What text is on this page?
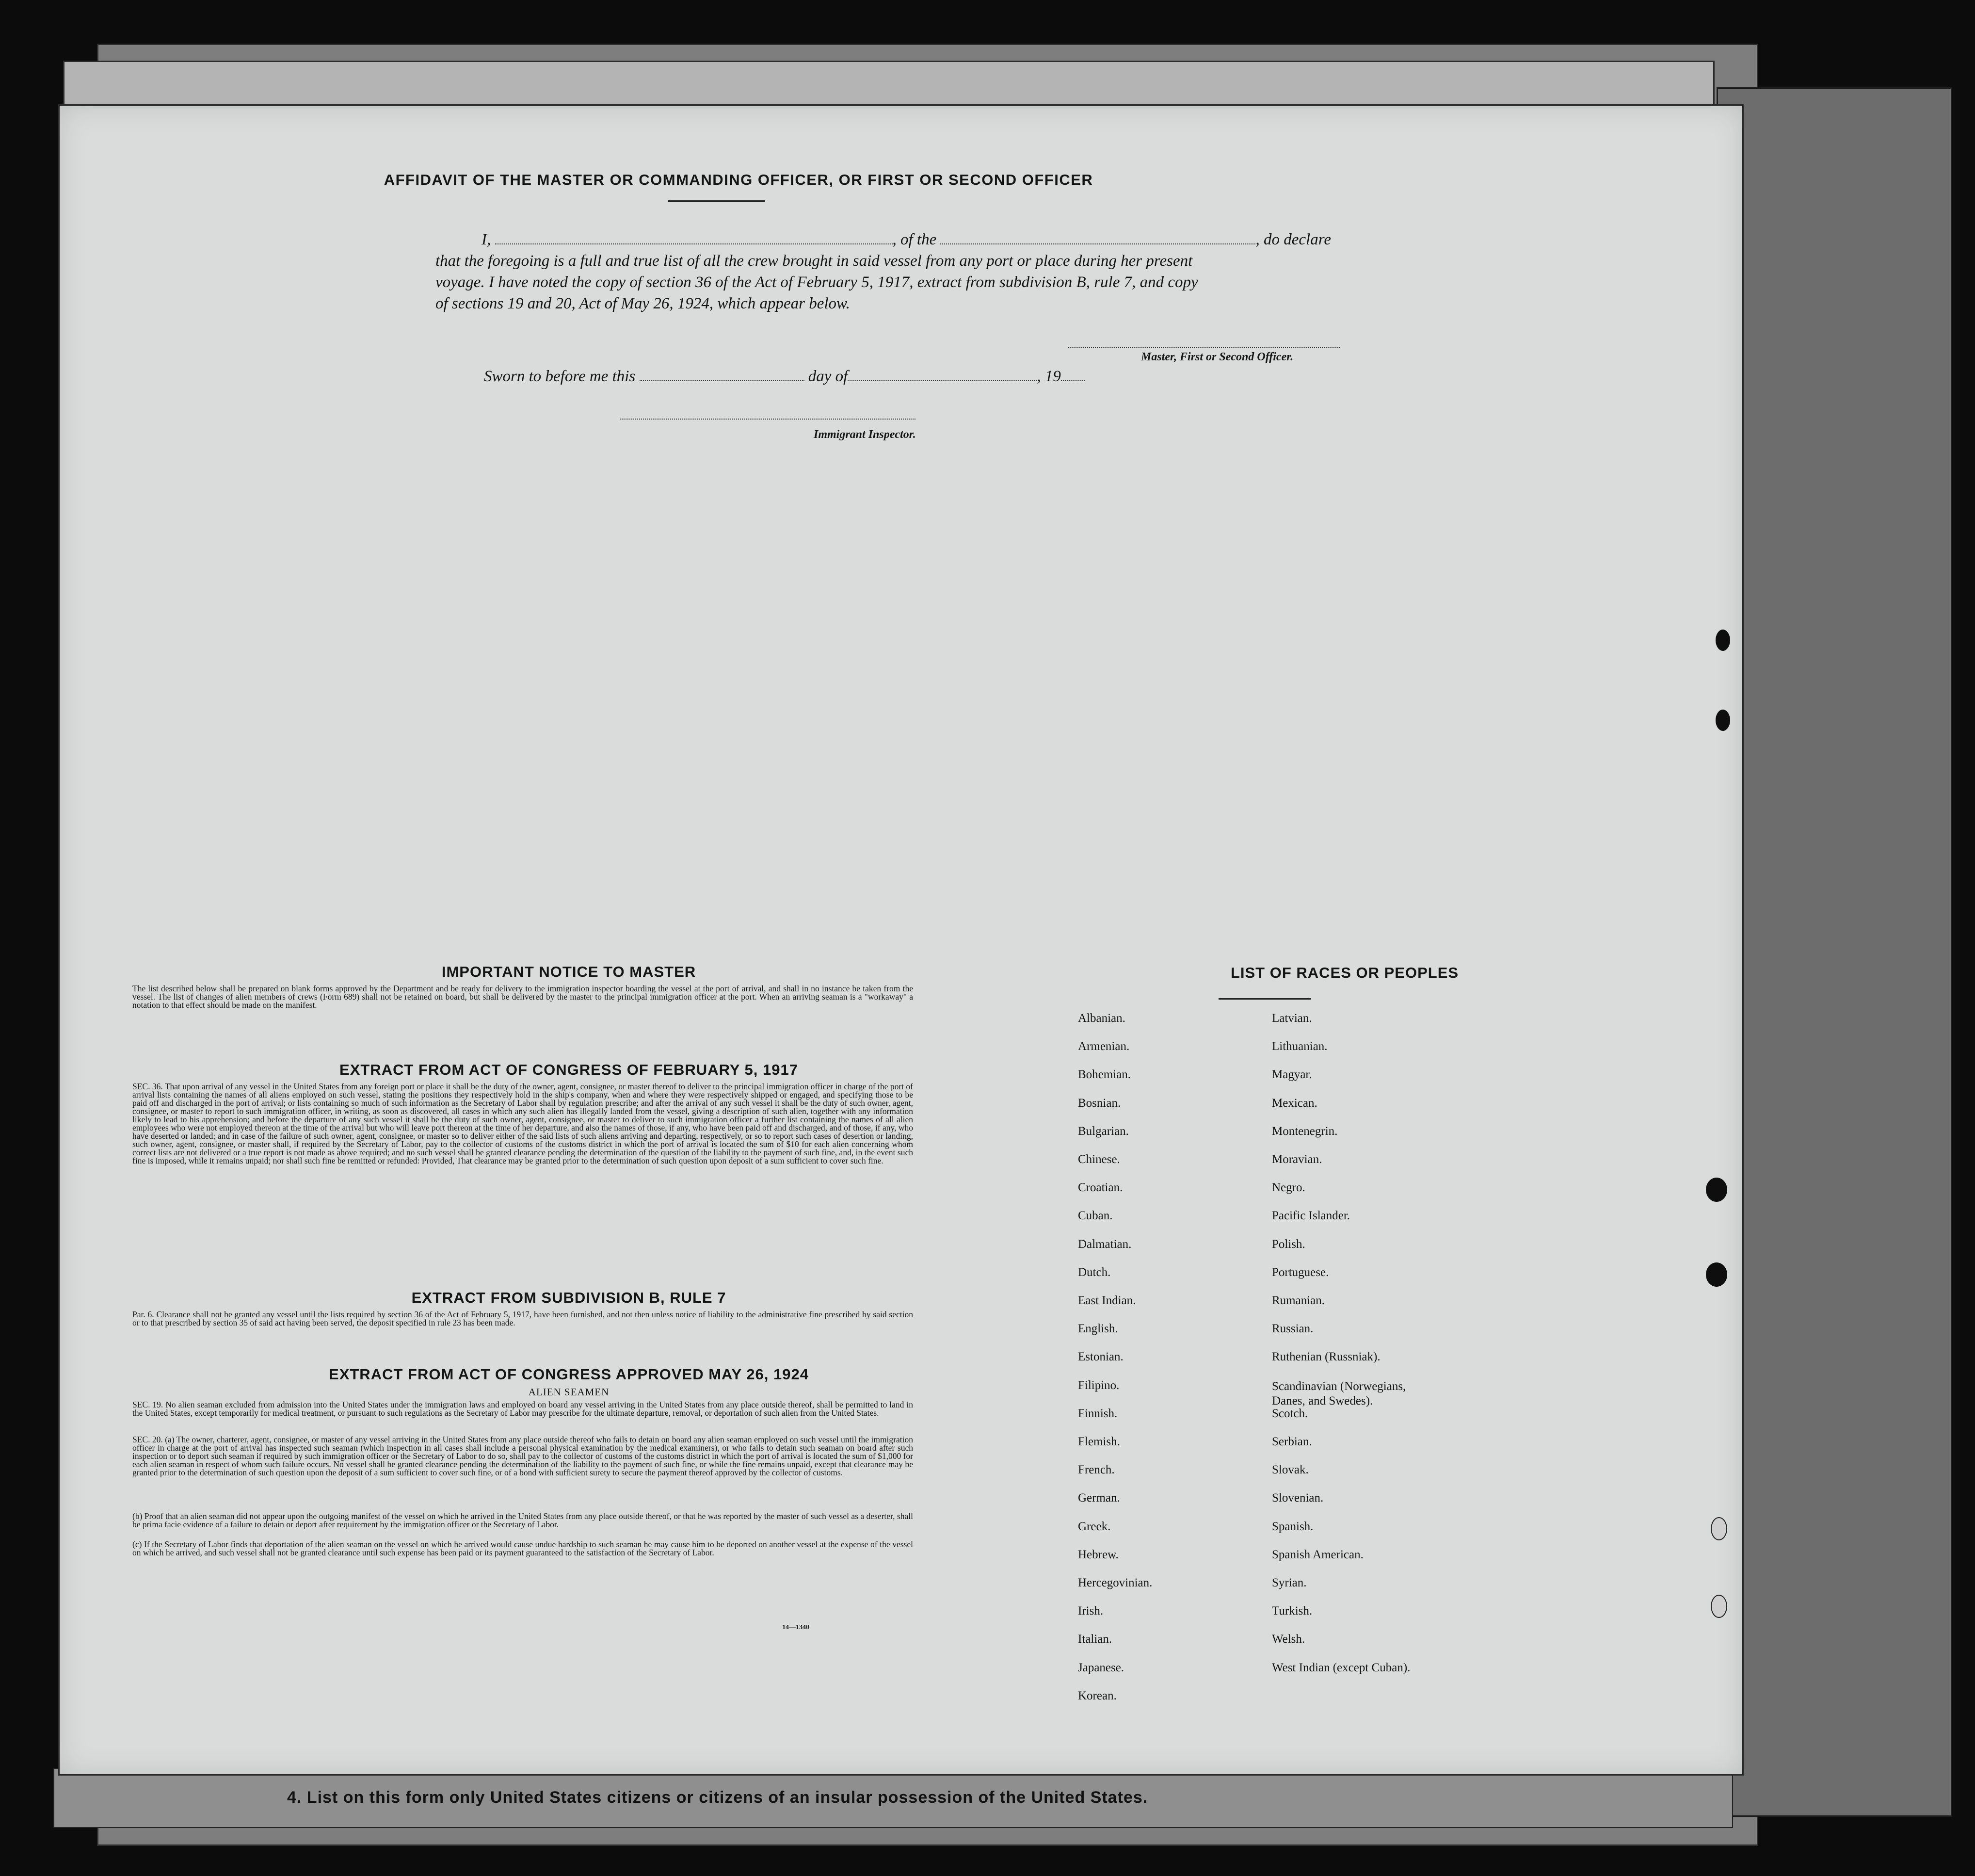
4. List on this form only United States citizens or citizens of an insular possession of the United States.
AFFIDAVIT OF THE MASTER OR COMMANDING OFFICER, OR FIRST OR SECOND OFFICER
I,	, of the	, do declare
that the foregoing is a full and true list of all the crew brought in said vessel from any port or place during her present
voyage. I have noted the copy of section 36 of the Act of February 5, 1917, extract from subdivision B, rule 7, and copy
of sections 19 and 20, Act of May 26, 1924, which appear below.
Master, First or Second Officer.
Sworn to before me this	day of	, 19
Immigrant Inspector.
IMPORTANT NOTICE TO MASTER
The list described below shall be prepared on blank forms approved by the Department and be ready for delivery to the immigration inspector boarding the vessel at the port of arrival, and shall in no instance be taken from the vessel. The list of changes of alien members of crews (Form 689) shall not be retained on board, but shall be delivered by the master to the principal immigration officer at the port. When an arriving seaman is a "workaway" a notation to that effect should be made on the manifest.
EXTRACT FROM ACT OF CONGRESS OF FEBRUARY 5, 1917
SEC. 36. That upon arrival of any vessel in the United States from any foreign port or place it shall be the duty of the owner, agent, consignee, or master thereof to deliver to the principal immigration officer in charge of the port of arrival lists containing the names of all aliens employed on such vessel, stating the positions they respectively hold in the ship's company, when and where they were respectively shipped or engaged, and specifying those to be paid off and discharged in the port of arrival; or lists containing so much of such information as the Secretary of Labor shall by regulation prescribe; and after the arrival of any such vessel it shall be the duty of such owner, agent, consignee, or master to report to such immigration officer, in writing, as soon as discovered, all cases in which any such alien has illegally landed from the vessel, giving a description of such alien, together with any information likely to lead to his apprehension; and before the departure of any such vessel it shall be the duty of such owner, agent, consignee, or master to deliver to such immigration officer a further list containing the names of all alien employees who were not employed thereon at the time of the arrival but who will leave port thereon at the time of her departure, and also the names of those, if any, who have been paid off and discharged, and of those, if any, who have deserted or landed; and in case of the failure of such owner, agent, consignee, or master so to deliver either of the said lists of such aliens arriving and departing, respectively, or so to report such cases of desertion or landing, such owner, agent, consignee, or master shall, if required by the Secretary of Labor, pay to the collector of customs of the customs district in which the port of arrival is located the sum of $10 for each alien concerning whom correct lists are not delivered or a true report is not made as above required; and no such vessel shall be granted clearance pending the determination of the question of the liability to the payment of such fine, and, in the event such fine is imposed, while it remains unpaid; nor shall such fine be remitted or refunded: Provided, That clearance may be granted prior to the determination of such question upon deposit of a sum sufficient to cover such fine.
EXTRACT FROM SUBDIVISION B, RULE 7
Par. 6. Clearance shall not be granted any vessel until the lists required by section 36 of the Act of February 5, 1917, have been furnished, and not then unless notice of liability to the administrative fine prescribed by said section or to that prescribed by section 35 of said act having been served, the deposit specified in rule 23 has been made.
EXTRACT FROM ACT OF CONGRESS APPROVED MAY 26, 1924
ALIEN SEAMEN
SEC. 19. No alien seaman excluded from admission into the United States under the immigration laws and employed on board any vessel arriving in the United States from any place outside thereof, shall be permitted to land in the United States, except temporarily for medical treatment, or pursuant to such regulations as the Secretary of Labor may prescribe for the ultimate departure, removal, or deportation of such alien from the United States.
SEC. 20. (a) The owner, charterer, agent, consignee, or master of any vessel arriving in the United States from any place outside thereof who fails to detain on board any alien seaman employed on such vessel until the immigration officer in charge at the port of arrival has inspected such seaman (which inspection in all cases shall include a personal physical examination by the medical examiners), or who fails to detain such seaman on board after such inspection or to deport such seaman if required by such immigration officer or the Secretary of Labor to do so, shall pay to the collector of customs of the customs district in which the port of arrival is located the sum of $1,000 for each alien seaman in respect of whom such failure occurs. No vessel shall be granted clearance pending the determination of the liability to the payment of such fine, or while the fine remains unpaid, except that clearance may be granted prior to the determination of such question upon the deposit of a sum sufficient to cover such fine, or of a bond with sufficient surety to secure the payment thereof approved by the collector of customs.
(b) Proof that an alien seaman did not appear upon the outgoing manifest of the vessel on which he arrived in the United States from any place outside thereof, or that he was reported by the master of such vessel as a deserter, shall be prima facie evidence of a failure to detain or deport after requirement by the immigration officer or the Secretary of Labor.
(c) If the Secretary of Labor finds that deportation of the alien seaman on the vessel on which he arrived would cause undue hardship to such seaman he may cause him to be deported on another vessel at the expense of the vessel on which he arrived, and such vessel shall not be granted clearance until such expense has been paid or its payment guaranteed to the satisfaction of the Secretary of Labor.
14—1340
LIST OF RACES OR PEOPLES
Albanian.
Armenian.
Bohemian.
Bosnian.
Bulgarian.
Chinese.
Croatian.
Cuban.
Dalmatian.
Dutch.
East Indian.
English.
Estonian.
Filipino.
Finnish.
Flemish.
French.
German.
Greek.
Hebrew.
Hercegovinian.
Irish.
Italian.
Japanese.
Korean.
Latvian.
Lithuanian.
Magyar.
Mexican.
Montenegrin.
Moravian.
Negro.
Pacific Islander.
Polish.
Portuguese.
Rumanian.
Russian.
Ruthenian (Russniak).
Scandinavian (Norwegians,
Danes, and Swedes).
Scotch.
Serbian.
Slovak.
Slovenian.
Spanish.
Spanish American.
Syrian.
Turkish.
Welsh.
West Indian (except Cuban).
